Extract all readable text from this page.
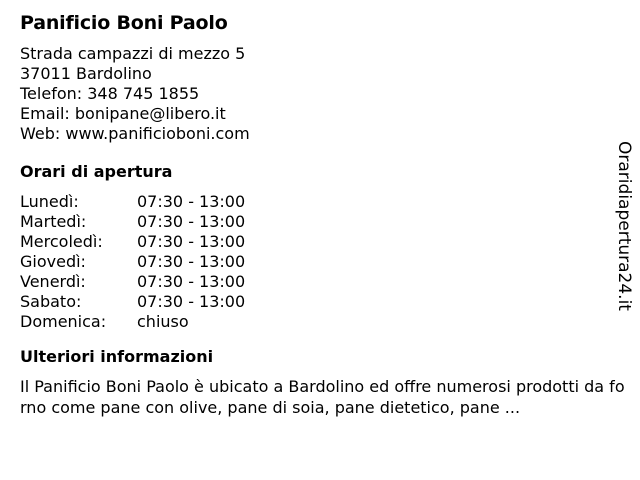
Panificio Boni Paolo
Strada campazzi di mezzo 5
37011 Bardolino
Telefon: 348 745 1855
Email: bonipane@libero.it
Web: www.panificioboni.com
Orari di apertura
Lunedì:	07:30 - 13:00
Martedì:	07:30 - 13:00
Mercoledì:	07:30 - 13:00
Giovedì:	07:30 - 13:00
Venerdì:	07:30 - 13:00
Sabato:	07:30 - 13:00
Domenica:	chiuso
Ulteriori informazioni
Il Panificio Boni Paolo è ubicato a Bardolino ed offre numerosi prodotti da forno come pane con olive, pane di soia, pane dietetico, pane ...
Oraridiapertura24.it
